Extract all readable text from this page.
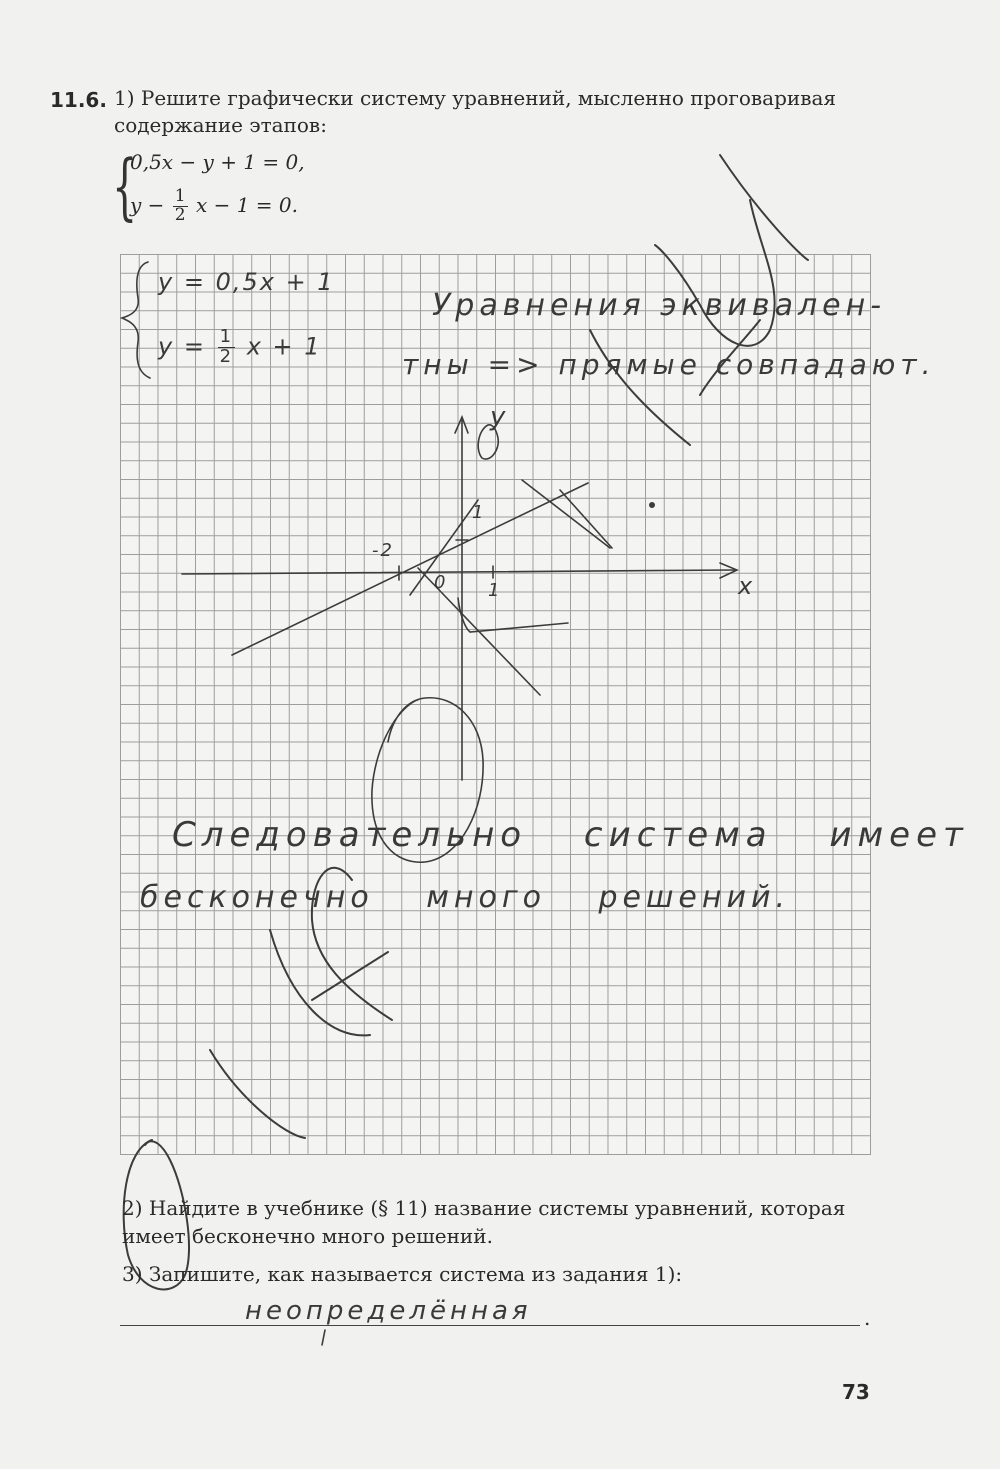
11.6. 1) Решите графически систему уравнений, мысленно проговаривая
содержание этапов:
{
0,5x − y + 1 = 0,
$y - \frac{1}{2}$ x − 1 = 0.
y = 0,5x + 1
$y = \frac{1}{2}$ x + 1
Уравнения эквивален-
тны => прямые совпадают.
y
x
1
-2
0 1
Следовательно система имеет
бесконечно много решений.
2) Найдите в учебнике (§ 11) название системы уравнений, которая
имеет бесконечно много решений.
3) Запишите, как называется система из задания 1):
неопределённая	.
73
